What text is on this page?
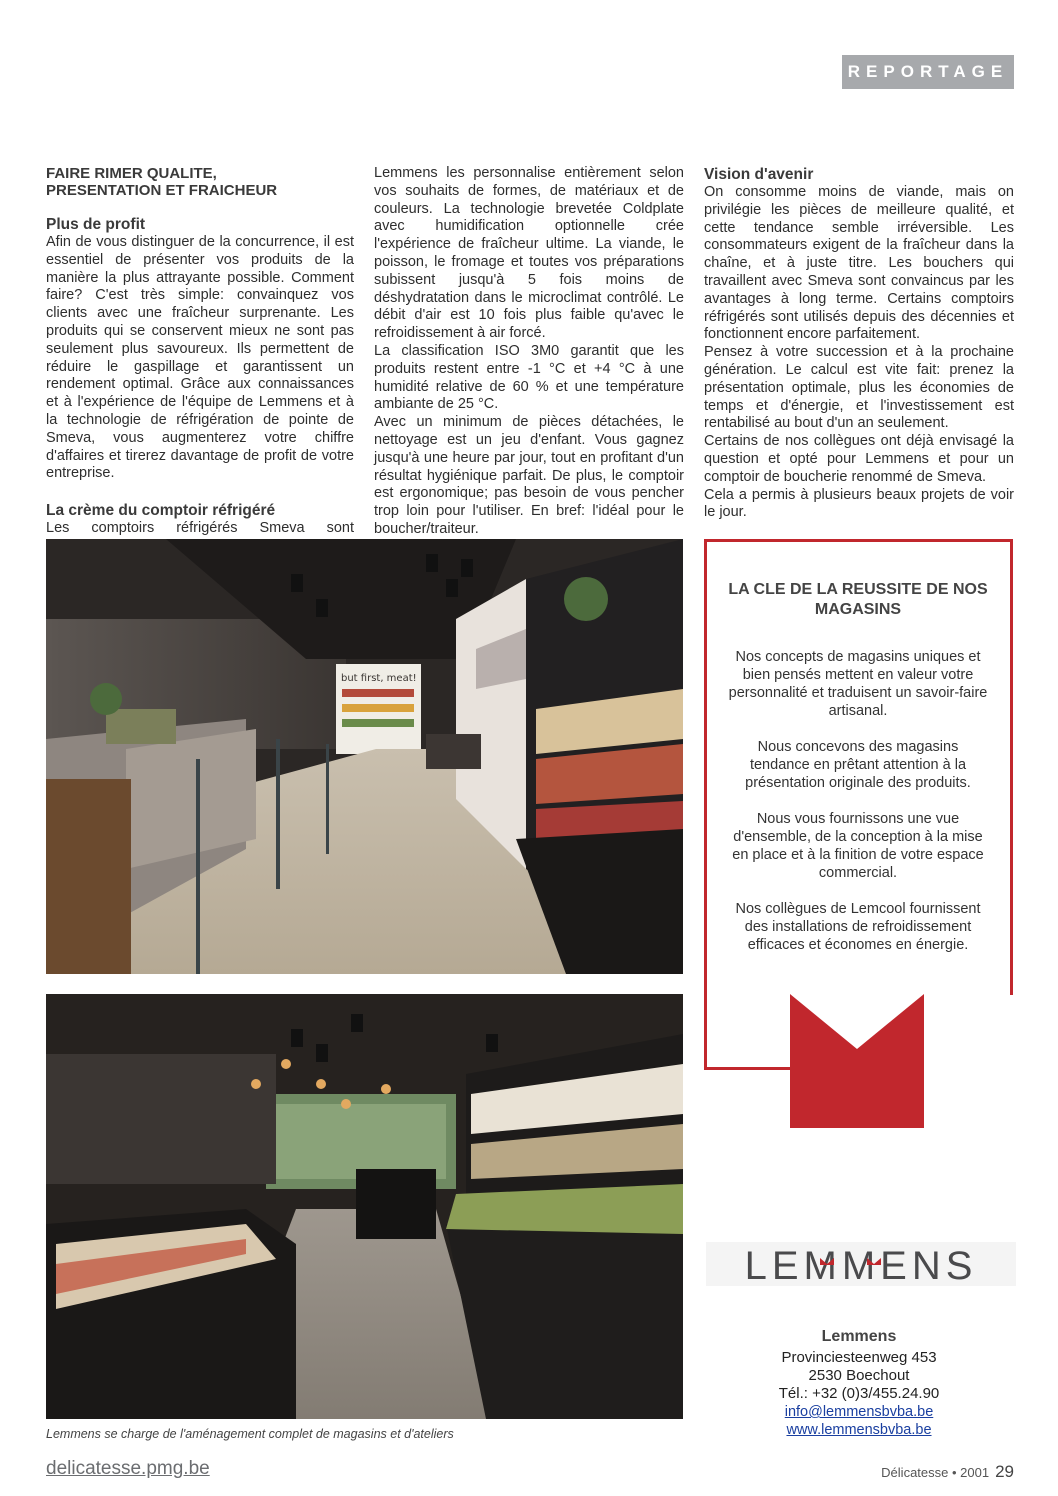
REPORTAGE
FAIRE RIMER QUALITE,
PRESENTATION ET FRAICHEUR
Plus de profit

Afin de vous distinguer de la concurrence, il est essentiel de présenter vos produits de la manière la plus attrayante possible. Comment faire? C'est très simple: convainquez vos clients avec une fraîcheur surprenante. Les produits qui se conservent mieux ne sont pas seulement plus savoureux. Ils permettent de réduire le gaspillage et garantissent un rendement optimal. Grâce aux connaissances et à l'expérience de l'équipe de Lemmens et à la technologie de réfrigération de pointe de Smeva, vous augmenterez votre chiffre d'affaires et tirerez davantage de profit de votre entreprise.

La crème du comptoir réfrigéré

Les comptoirs réfrigérés Smeva sont

Lemmens les personnalise entièrement selon vos souhaits de formes, de matériaux et de couleurs. La technologie brevetée Coldplate avec humidification optionnelle crée l'expérience de fraîcheur ultime. La viande, le poisson, le fromage et toutes vos préparations subissent jusqu'à 5 fois moins de déshydratation dans le microclimat contrôlé. Le débit d'air est 10 fois plus faible qu'avec le refroidissement à air forcé.

La classification ISO 3M0 garantit que les produits restent entre -1 °C et +4 °C à une humidité relative de 60 % et une température ambiante de 25 °C.

Avec un minimum de pièces détachées, le nettoyage est un jeu d'enfant. Vous gagnez jusqu'à une heure par jour, tout en profitant d'un résultat hygiénique parfait. De plus, le comptoir est ergonomique; pas besoin de vous pencher trop loin pour l'utiliser. En bref: l'idéal pour le boucher/traiteur.

Vision d'avenir

On consomme moins de viande, mais on privilégie les pièces de meilleure qualité, et cette tendance semble irréversible. Les consommateurs exigent de la fraîcheur dans la chaîne, et à juste titre. Les bouchers qui travaillent avec Smeva sont convaincus par les avantages à long terme. Certains comptoirs réfrigérés sont utilisés depuis des décennies et fonctionnent encore parfaitement.

Pensez à votre succession et à la prochaine génération. Le calcul est vite fait: prenez la présentation optimale, plus les économies de temps et d'énergie, et l'investissement est rentabilisé au bout d'un an seulement.

Certains de nos collègues ont déjà envisagé la question et opté pour Lemmens et pour un comptoir de boucherie renommé de Smeva.

Cela a permis à plusieurs beaux projets de voir le jour.

but first, meat!
Lemmens se charge de l'aménagement complet de magasins et d'ateliers
LA CLE DE LA REUSSITE DE NOS MAGASINS
Nos concepts de magasins uniques et bien pensés mettent en valeur votre personnalité et traduisent un savoir-faire artisanal.
Nous concevons des magasins tendance en prêtant attention à la présentation originale des produits.
Nous vous fournissons une vue d'ensemble, de la conception à la mise en place et à la finition de votre espace commercial.
Nos collègues de Lemcool fournissent des installations de refroidissement efficaces et économes en énergie.
LEMMENS
Lemmens
Provinciesteenweg 453
2530 Boechout
Tél.: +32 (0)3/455.24.90
info@lemmensbvba.be
www.lemmensbvba.be
delicatesse.pmg.be	Délicatesse • 2001 29
